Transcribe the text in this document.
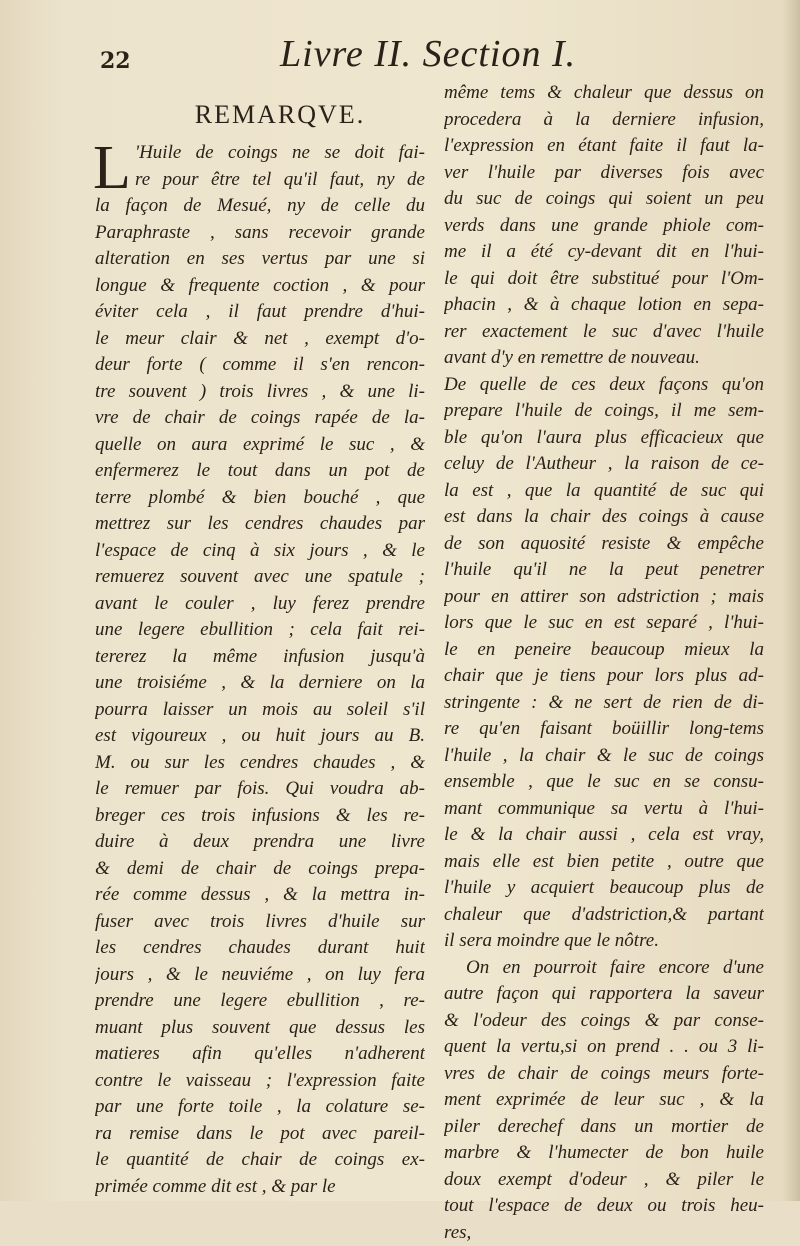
22	Livre II. Section I.
REMARQVE.
L 'Huile de coings ne se doit fai-
re pour être tel qu'il faut, ny de
la façon de Mesué, ny de celle du
Paraphraste , sans recevoir grande
alteration en ses vertus par une si
longue & frequente coction , & pour
éviter cela , il faut prendre d'hui-
le meur clair & net , exempt d'o-
deur forte ( comme il s'en rencon-
tre souvent ) trois livres , & une li-
vre de chair de coings rapée de la-
quelle on aura exprimé le suc , &
enfermerez le tout dans un pot de
terre plombé & bien bouché , que
mettrez sur les cendres chaudes par
l'espace de cinq à six jours , & le
remuerez souvent avec une spatule ;
avant le couler , luy ferez prendre
une legere ebullition ; cela fait rei-
tererez la même infusion jusqu'à
une troisiéme , & la derniere on la
pourra laisser un mois au soleil s'il
est vigoureux , ou huit jours au B.
M. ou sur les cendres chaudes , &
le remuer par fois. Qui voudra ab-
breger ces trois infusions & les re-
duire à deux prendra une livre
& demi de chair de coings prepa-
rée comme dessus , & la mettra in-
fuser avec trois livres d'huile sur
les cendres chaudes durant huit
jours , & le neuviéme , on luy fera
prendre une legere ebullition , re-
muant plus souvent que dessus les
matieres afin qu'elles n'adherent
contre le vaisseau ; l'expression faite
par une forte toile , la colature se-
ra remise dans le pot avec pareil-
le quantité de chair de coings ex-
primée comme dit est , & par le
même tems & chaleur que dessus on
procedera à la derniere infusion,
l'expression en étant faite il faut la-
ver l'huile par diverses fois avec
du suc de coings qui soient un peu
verds dans une grande phiole com-
me il a été cy-devant dit en l'hui-
le qui doit être substitué pour l'Om-
phacin , & à chaque lotion en sepa-
rer exactement le suc d'avec l'huile
avant d'y en remettre de nouveau.
De quelle de ces deux façons qu'on
prepare l'huile de coings, il me sem-
ble qu'on l'aura plus efficacieux que
celuy de l'Autheur , la raison de ce-
la est , que la quantité de suc qui
est dans la chair des coings à cause
de son aquosité resiste & empêche
l'huile qu'il ne la peut penetrer
pour en attirer son adstriction ; mais
lors que le suc en est separé , l'hui-
le en peneire beaucoup mieux la
chair que je tiens pour lors plus ad-
stringente : & ne sert de rien de di-
re qu'en faisant boüillir long-tems
l'huile , la chair & le suc de coings
ensemble , que le suc en se consu-
mant communique sa vertu à l'hui-
le & la chair aussi , cela est vray,
mais elle est bien petite , outre que
l'huile y acquiert beaucoup plus de
chaleur que d'adstriction,& partant
il sera moindre que le nôtre.
On en pourroit faire encore d'une
autre façon qui rapportera la saveur
& l'odeur des coings & par conse-
quent la vertu,si on prend . . ou 3 li-
vres de chair de coings meurs forte-
ment exprimée de leur suc , & la
piler derechef dans un mortier de
marbre & l'humecter de bon huile
doux exempt d'odeur , & piler le
tout l'espace de deux ou trois heu-
res,
